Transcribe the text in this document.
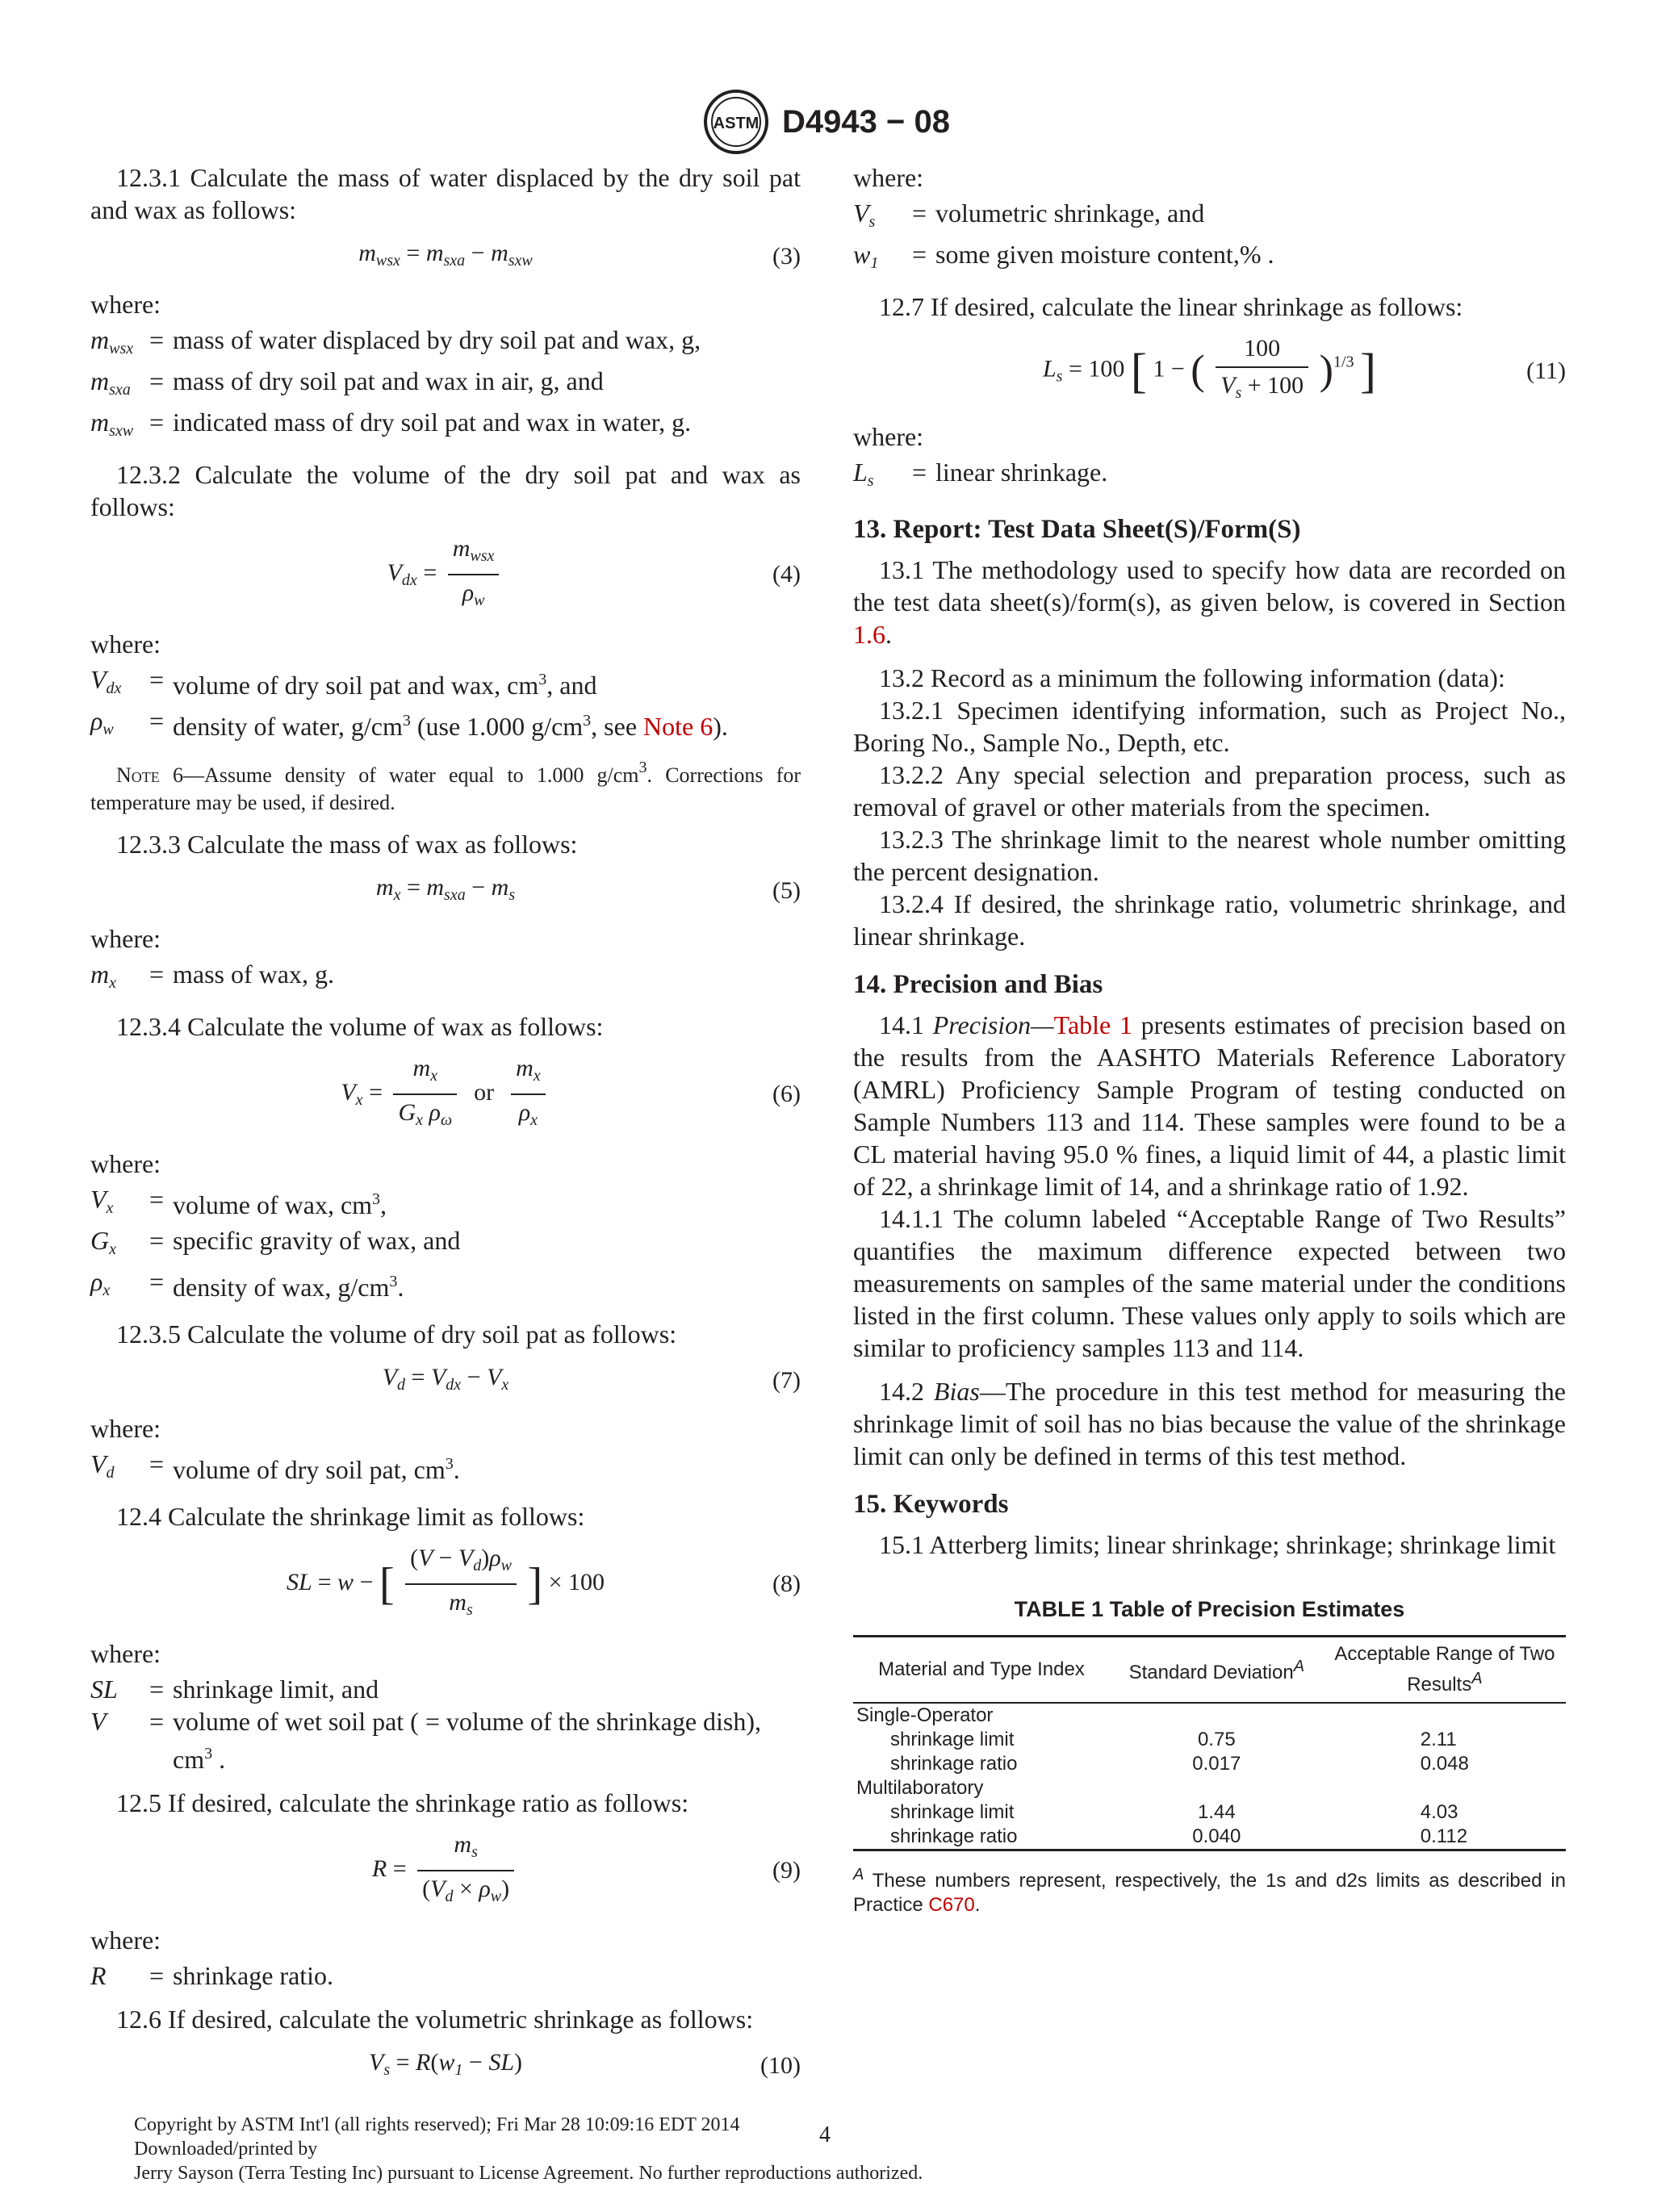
ASTM D4943 − 08

12.3.1 Calculate the mass of water displaced by the dry soil pat and wax as follows:

$m_{wsx} = m_{sxa} - m_{sxw}$	(3)

where:

$m_{wsx}$ = mass of water displaced by dry soil pat and wax, g,
$m_{sxa}$ = mass of dry soil pat and wax in air, g, and
$m_{sxw}$ = indicated mass of dry soil pat and wax in water, g.

12.3.2 Calculate the volume of the dry soil pat and wax as follows:

$V_{dx} = \frac{m_{wsx}}{\rho_w}$	(4)

where:

$V_{dx}$	= volume of dry soil pat and wax, $cm^3$, and
$\rho_w$	= density of water, $g/cm^3$ (use 1.000 $g/cm^3$, see Note 6).

Note 6—Assume density of water equal to 1.000 $g/cm^3$. Corrections for temperature may be used, if desired.

12.3.3 Calculate the mass of wax as follows:

$m_x = m_{sxa} - m_s$	(5)

where:

$m_x$	= mass of wax, g.

12.3.4 Calculate the volume of wax as follows:

$V_x = \frac{m_x}{G_x \rho_\omega}$ or $\frac{m_x}{\rho_x}$	(6)

where:

$V_x$	= volume of wax, $cm^3$,
$G_x$	= specific gravity of wax, and
$\rho_x$	= density of wax, $g/cm^3$.

12.3.5 Calculate the volume of dry soil pat as follows:

$V_d = V_{dx} - V_x$	(7)

where:

$V_d$	= volume of dry soil pat, $cm^3$.

12.4 Calculate the shrinkage limit as follows:

SL = w − [ $\frac{(V - V_d)\rho_w}{m_s}$ ] × 100	(8)

where:

SL	= shrinkage limit, and
V	= volume of wet soil pat ( = volume of the shrinkage dish), $cm^3$ .

12.5 If desired, calculate the shrinkage ratio as follows:

$R = \frac{m_s}{(V_d \times \rho_w)}$	(9)

where:

R	= shrinkage ratio.

12.6 If desired, calculate the volumetric shrinkage as follows:

$V_s = R(w_1 - SL)$	(10)

where:

$V_s$	= volumetric shrinkage, and
$w_1$	= some given moisture content,% .

12.7 If desired, calculate the linear shrinkage as follows:

$L_s = 100$ [ 1 − ( $\frac{100}{V_s + 100} )^{1/3}$ ]	(11)

where:

$L_s$	= linear shrinkage.
13. Report: Test Data Sheet(S)/Form(S)

13.1 The methodology used to specify how data are recorded on the test data sheet(s)/form(s), as given below, is covered in Section 1.6.

13.2 Record as a minimum the following information (data):

13.2.1 Specimen identifying information, such as Project No., Boring No., Sample No., Depth, etc.

13.2.2 Any special selection and preparation process, such as removal of gravel or other materials from the specimen.

13.2.3 The shrinkage limit to the nearest whole number omitting the percent designation.

13.2.4 If desired, the shrinkage ratio, volumetric shrinkage, and linear shrinkage.

14. Precision and Bias

14.1 Precision—Table 1 presents estimates of precision based on the results from the AASHTO Materials Reference Laboratory (AMRL) Proficiency Sample Program of testing conducted on Sample Numbers 113 and 114. These samples were found to be a CL material having 95.0 % fines, a liquid limit of 44, a plastic limit of 22, a shrinkage limit of 14, and a shrinkage ratio of 1.92.

14.1.1 The column labeled “Acceptable Range of Two Results” quantifies the maximum difference expected between two measurements on samples of the same material under the conditions listed in the first column. These values only apply to soils which are similar to proficiency samples 113 and 114.

14.2 Bias—The procedure in this test method for measuring the shrinkage limit of soil has no bias because the value of the shrinkage limit can only be defined in terms of this test method.

15. Keywords

15.1 Atterberg limits; linear shrinkage; shrinkage; shrinkage limit

TABLE 1 Table of Precision Estimates
Material and Type Index	Standard Deviation$^A$	Acceptable Range of Two Results$^A$
Single-Operator		
shrinkage limit	0.75	2.11
shrinkage ratio	0.017	0.048
Multilaboratory		
shrinkage limit	1.44	4.03
shrinkage ratio	0.040	0.112

$^A$ These numbers represent, respectively, the 1s and d2s limits as described in Practice C670.

Copyright by ASTM Int'l (all rights reserved); Fri Mar 28 10:09:16 EDT 2014
Downloaded/printed by
Jerry Sayson (Terra Testing Inc) pursuant to License Agreement. No further reproductions authorized.
4
